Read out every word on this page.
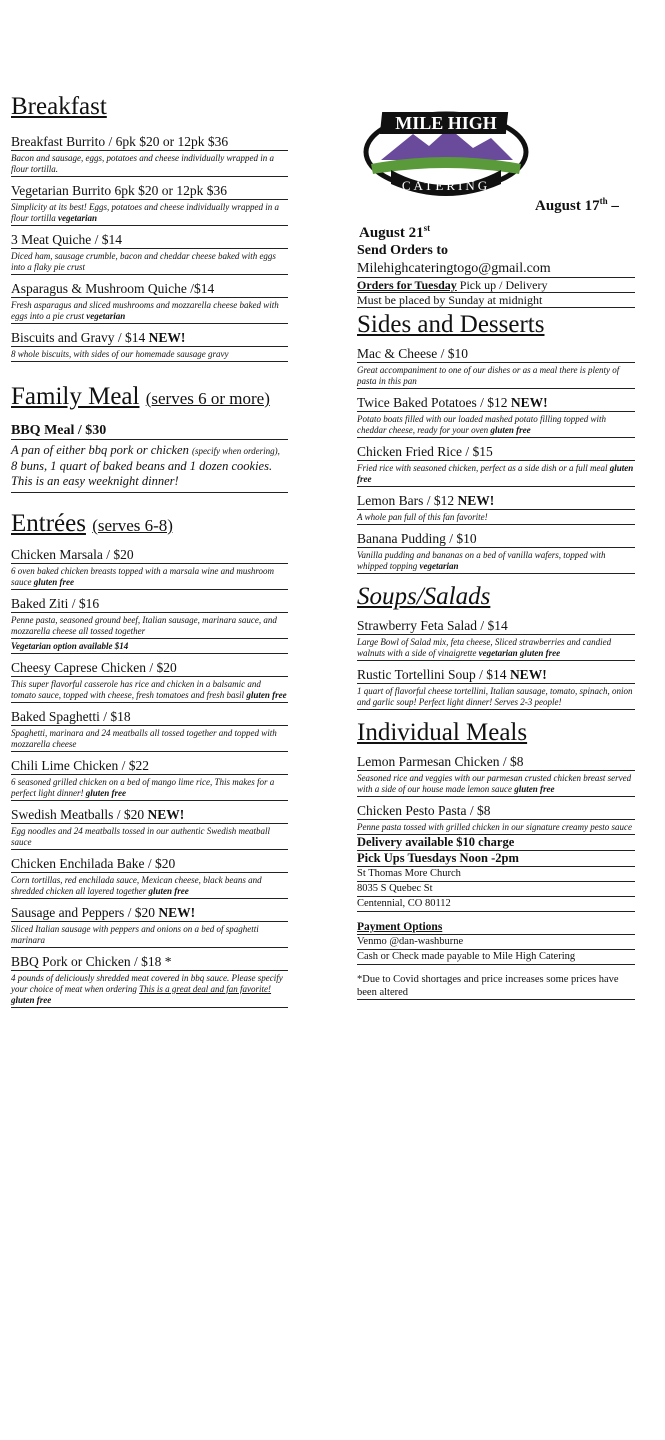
Breakfast
Breakfast Burrito / 6pk $20 or 12pk $36
Bacon and sausage, eggs, potatoes and cheese individually wrapped in a flour tortilla.
Vegetarian Burrito 6pk $20 or 12pk $36
Simplicity at its best! Eggs, potatoes and cheese individually wrapped in a flour tortilla vegetarian
3 Meat Quiche / $14
Diced ham, sausage crumble, bacon and cheddar cheese baked with eggs into a flaky pie crust
Asparagus & Mushroom Quiche /$14
Fresh asparagus and sliced mushrooms and mozzarella cheese baked with eggs into a pie crust vegetarian
Biscuits and Gravy / $14 NEW!
8 whole biscuits, with sides of our homemade sausage gravy
Family Meal (serves 6 or more)
BBQ Meal / $30
A pan of either bbq pork or chicken (specify when ordering), 8 buns, 1 quart of baked beans and 1 dozen cookies. This is an easy weeknight dinner!
Entrées (serves 6-8)
Chicken Marsala / $20
6 oven baked chicken breasts topped with a marsala wine and mushroom sauce gluten free
Baked Ziti / $16
Penne pasta, seasoned ground beef, Italian sausage, marinara sauce, and mozzarella cheese all tossed together
Vegetarian option available $14
Cheesy Caprese Chicken / $20
This super flavorful casserole has rice and chicken in a balsamic and tomato sauce, topped with cheese, fresh tomatoes and fresh basil gluten free
Baked Spaghetti / $18
Spaghetti, marinara and 24 meatballs all tossed together and topped with mozzarella cheese
Chili Lime Chicken / $22
6 seasoned grilled chicken on a bed of mango lime rice, This makes for a perfect light dinner! gluten free
Swedish Meatballs / $20 NEW!
Egg noodles and 24 meatballs tossed in our authentic Swedish meatball sauce
Chicken Enchilada Bake / $20
Corn tortillas, red enchilada sauce, Mexican cheese, black beans and shredded chicken all layered together gluten free
Sausage and Peppers / $20 NEW!
Sliced Italian sausage with peppers and onions on a bed of spaghetti marinara
BBQ Pork or Chicken / $18 *
4 pounds of deliciously shredded meat covered in bbq sauce. Please specify your choice of meat when ordering This is a great deal and fan favorite! gluten free
MILE HIGH
CATERING
August 17th –
August 21st
Send Orders to
Milehighcateringtogo@gmail.com
Orders for Tuesday Pick up / Delivery
Must be placed by Sunday at midnight
Sides and Desserts
Mac & Cheese / $10
Great accompaniment to one of our dishes or as a meal there is plenty of pasta in this pan
Twice Baked Potatoes / $12 NEW!
Potato boats filled with our loaded mashed potato filling topped with cheddar cheese, ready for your oven gluten free
Chicken Fried Rice / $15
Fried rice with seasoned chicken, perfect as a side dish or a full meal gluten free
Lemon Bars / $12 NEW!
A whole pan full of this fan favorite!
Banana Pudding / $10
Vanilla pudding and bananas on a bed of vanilla wafers, topped with whipped topping vegetarian
Soups/Salads
Strawberry Feta Salad / $14
Large Bowl of Salad mix, feta cheese, Sliced strawberries and candied walnuts with a side of vinaigrette vegetarian gluten free
Rustic Tortellini Soup / $14 NEW!
1 quart of flavorful cheese tortellini, Italian sausage, tomato, spinach, onion and garlic soup! Perfect light dinner! Serves 2-3 people!
Individual Meals
Lemon Parmesan Chicken / $8
Seasoned rice and veggies with our parmesan crusted chicken breast served with a side of our house made lemon sauce gluten free
Chicken Pesto Pasta / $8
Penne pasta tossed with grilled chicken in our signature creamy pesto sauce
Delivery available $10 charge
Pick Ups Tuesdays Noon -2pm
St Thomas More Church
8035 S Quebec St
Centennial, CO 80112
Payment Options
Venmo @dan-washburne
Cash or Check made payable to Mile High Catering
*Due to Covid shortages and price increases some prices have been altered
